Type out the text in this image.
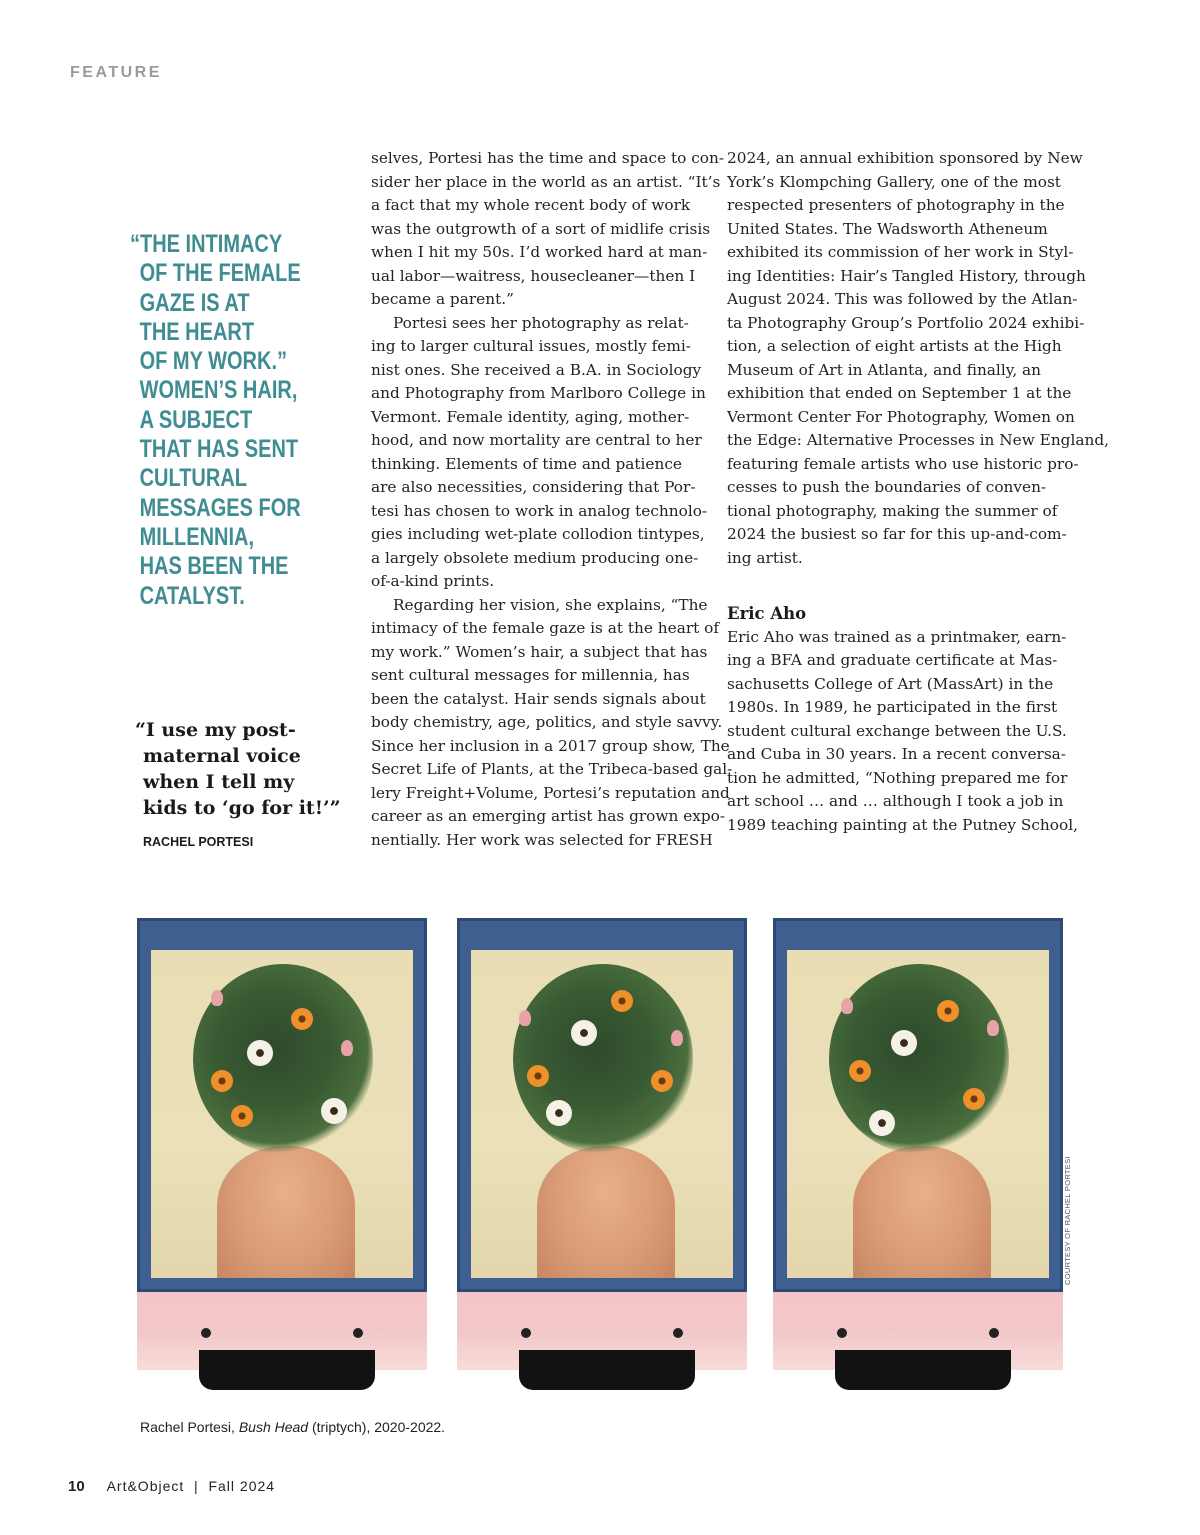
FEATURE
“THE INTIMACY
OF THE FEMALE
GAZE IS AT
THE HEART
OF MY WORK.”
WOMEN’S HAIR,
A SUBJECT
THAT HAS SENT
CULTURAL
MESSAGES FOR
MILLENNIA,
HAS BEEN THE
CATALYST.
“I use my post-
maternal voice
when I tell my
kids to ‘go for it!’”
RACHEL PORTESI
selves, Portesi has the time and space to con-
sider her place in the world as an artist. “It’s
a fact that my whole recent body of work
was the outgrowth of a sort of midlife crisis
when I hit my 50s. I’d worked hard at man-
ual labor—waitress, housecleaner—then I
became a parent.”
Portesi sees her photography as relat-
ing to larger cultural issues, mostly femi-
nist ones. She received a B.A. in Sociology
and Photography from Marlboro College in
Vermont. Female identity, aging, mother-
hood, and now mortality are central to her
thinking. Elements of time and patience
are also necessities, considering that Por-
tesi has chosen to work in analog technolo-
gies including wet-plate collodion tintypes,
a largely obsolete medium producing one-
of-a-kind prints.
Regarding her vision, she explains, “The
intimacy of the female gaze is at the heart of
my work.” Women’s hair, a subject that has
sent cultural messages for millennia, has
been the catalyst. Hair sends signals about
body chemistry, age, politics, and style savvy.
Since her inclusion in a 2017 group show, The
Secret Life of Plants, at the Tribeca-based gal-
lery Freight+Volume, Portesi’s reputation and
career as an emerging artist has grown expo-
nentially. Her work was selected for FRESH
2024, an annual exhibition sponsored by New
York’s Klompching Gallery, one of the most
respected presenters of photography in the
United States. The Wadsworth Atheneum
exhibited its commission of her work in Styl-
ing Identities: Hair’s Tangled History, through
August 2024. This was followed by the Atlan-
ta Photography Group’s Portfolio 2024 exhibi-
tion, a selection of eight artists at the High
Museum of Art in Atlanta, and finally, an
exhibition that ended on September 1 at the
Vermont Center For Photography, Women on
the Edge: Alternative Processes in New England,
featuring female artists who use historic pro-
cesses to push the boundaries of conven-
tional photography, making the summer of
2024 the busiest so far for this up-and-com-
ing artist.
Eric Aho
Eric Aho was trained as a printmaker, earn-
ing a BFA and graduate certificate at Mas-
sachusetts College of Art (MassArt) in the
1980s. In 1989, he participated in the first
student cultural exchange between the U.S.
and Cuba in 30 years. In a recent conversa-
tion he admitted, “Nothing prepared me for
art school … and … although I took a job in
1989 teaching painting at the Putney School,
COURTESY OF RACHEL PORTESI
Rachel Portesi, Bush Head (triptych), 2020-2022.
10 Art&Object  |  Fall 2024
